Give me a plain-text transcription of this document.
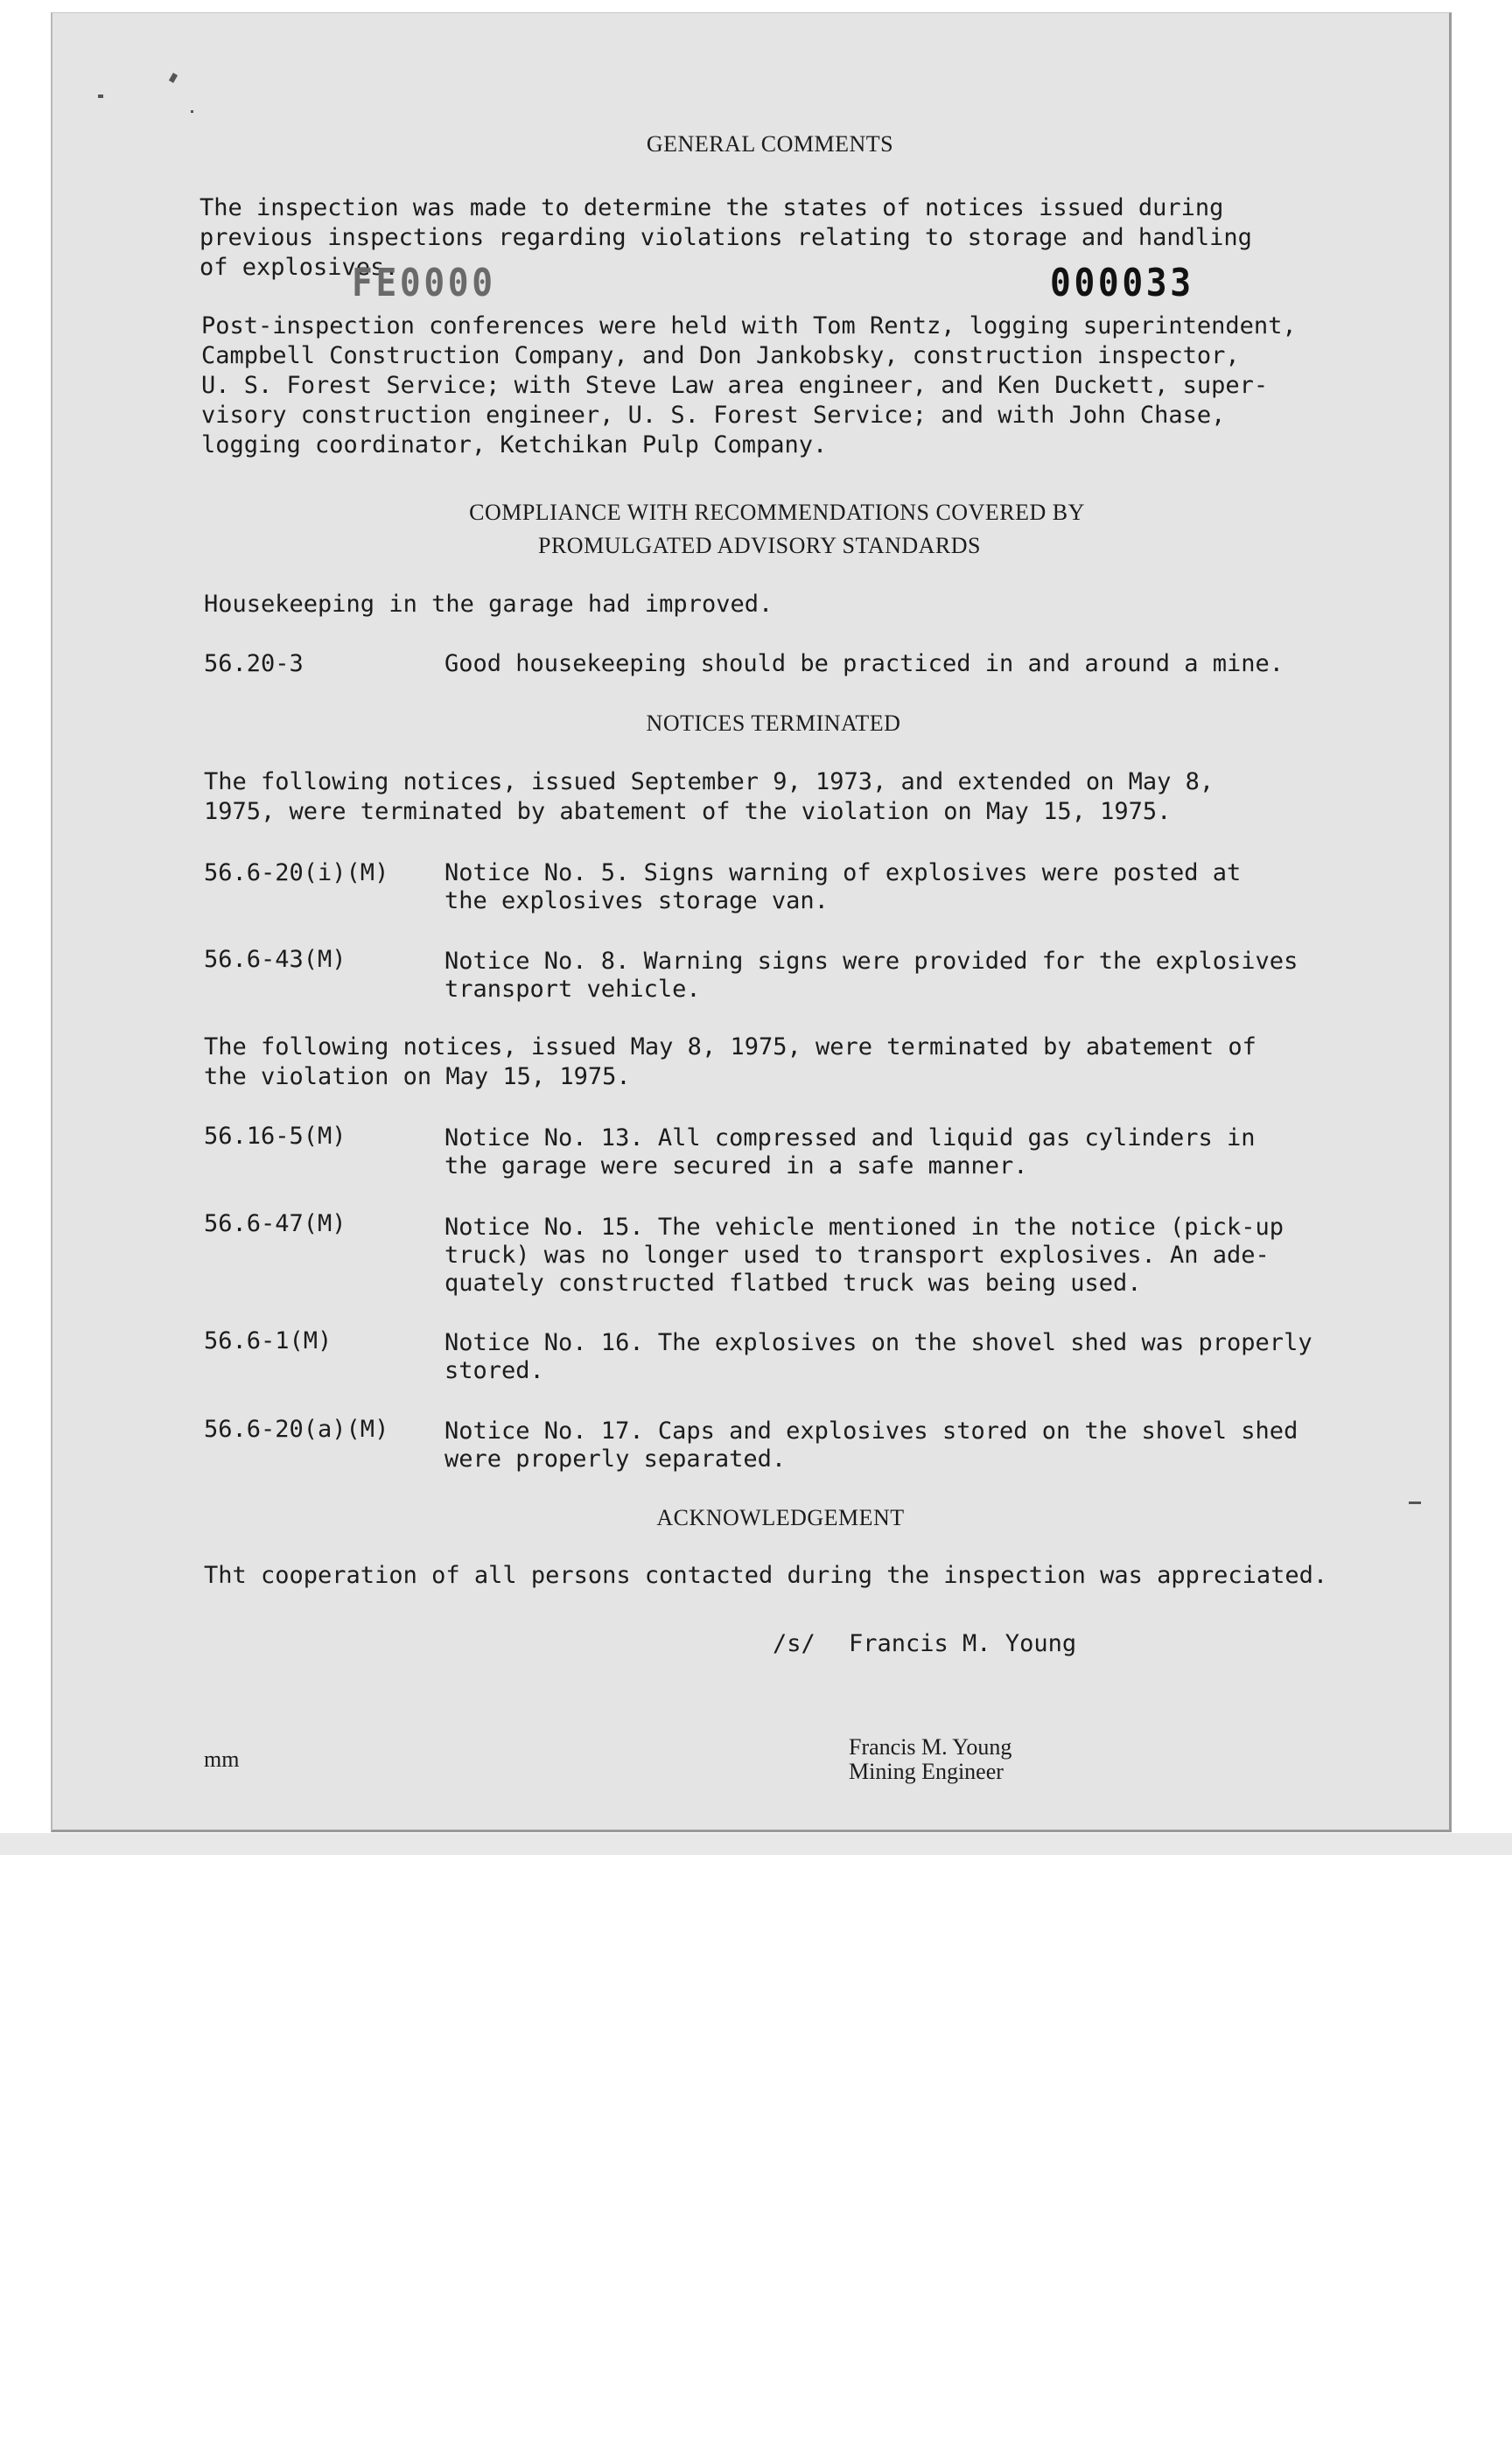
GENERAL COMMENTS
The inspection was made to determine the states of notices issued during
previous inspections regarding violations relating to storage and handling
of explosives.
FE0000	000033
Post-inspection conferences were held with Tom Rentz, logging superintendent,
Campbell Construction Company, and Don Jankobsky, construction inspector,
U. S. Forest Service; with Steve Law area engineer, and Ken Duckett, super-
visory construction engineer, U. S. Forest Service; and with John Chase,
logging coordinator, Ketchikan Pulp Company.
COMPLIANCE WITH RECOMMENDATIONS COVERED BY
PROMULGATED ADVISORY STANDARDS
Housekeeping in the garage had improved.
56.20-3	Good housekeeping should be practiced in and around a mine.
NOTICES TERMINATED
The following notices, issued September 9, 1973, and extended on May 8,
1975, were terminated by abatement of the violation on May 15, 1975.
56.6-20(i)(M) Notice No. 5. Signs warning of explosives were posted at
the explosives storage van.
56.6-43(M)	Notice No. 8. Warning signs were provided for the explosives
transport vehicle.
The following notices, issued May 8, 1975, were terminated by abatement of
the violation on May 15, 1975.
56.16-5(M)	Notice No. 13. All compressed and liquid gas cylinders in
the garage were secured in a safe manner.
56.6-47(M)	Notice No. 15. The vehicle mentioned in the notice (pick-up
truck) was no longer used to transport explosives. An ade-
quately constructed flatbed truck was being used.
56.6-1(M)	Notice No. 16. The explosives on the shovel shed was properly
stored.
56.6-20(a)(M) Notice No. 17. Caps and explosives stored on the shovel shed
were properly separated.
ACKNOWLEDGEMENT
Tht cooperation of all persons contacted during the inspection was appreciated.
/s/ Francis M. Young
mm	Francis M. Young
Mining Engineer
